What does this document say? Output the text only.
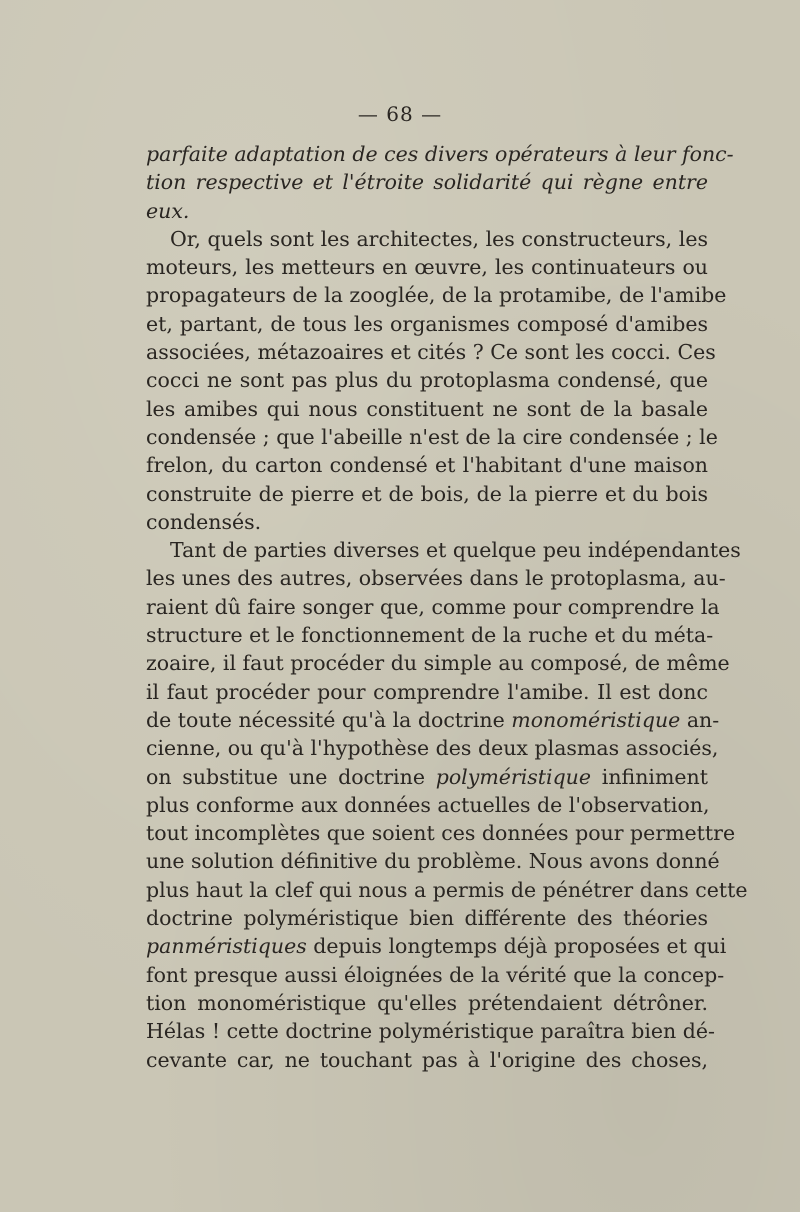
— 68 —
parfaite adaptation de ces divers opérateurs à leur fonc-
tion respective et l'étroite solidarité qui règne entre
eux.
Or, quels sont les architectes, les constructeurs, les
moteurs, les metteurs en œuvre, les continuateurs ou
propagateurs de la zooglée, de la protamibe, de l'amibe
et, partant, de tous les organismes composé d'amibes
associées, métazoaires et cités ? Ce sont les cocci. Ces
cocci ne sont pas plus du protoplasma condensé, que
les amibes qui nous constituent ne sont de la basale
condensée ; que l'abeille n'est de la cire condensée ; le
frelon, du carton condensé et l'habitant d'une maison
construite de pierre et de bois, de la pierre et du bois
condensés.
Tant de parties diverses et quelque peu indépendantes
les unes des autres, observées dans le protoplasma, au-
raient dû faire songer que, comme pour comprendre la
structure et le fonctionnement de la ruche et du méta-
zoaire, il faut procéder du simple au composé, de même
il faut procéder pour comprendre l'amibe. Il est donc
de toute nécessité qu'à la doctrine monoméristique an-
cienne, ou qu'à l'hypothèse des deux plasmas associés,
on substitue une doctrine polyméristique infiniment
plus conforme aux données actuelles de l'observation,
tout incomplètes que soient ces données pour permettre
une solution définitive du problème. Nous avons donné
plus haut la clef qui nous a permis de pénétrer dans cette
doctrine polyméristique bien différente des théories
panméristiques depuis longtemps déjà proposées et qui
font presque aussi éloignées de la vérité que la concep-
tion monoméristique qu'elles prétendaient détrôner.
Hélas ! cette doctrine polyméristique paraîtra bien dé-
cevante car, ne touchant pas à l'origine des choses,
